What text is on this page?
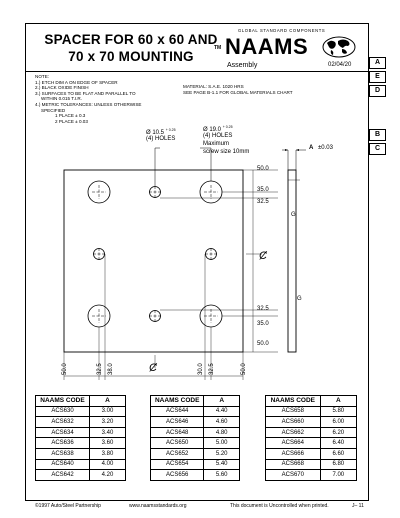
SPACER FOR 60 x 60 AND
70 x 70 MOUNTING
TM
GLOBAL STANDARD COMPONENTS
NAAMS
Assembly	02/04/20	A
E
D
B
C
NOTE:
1.) ETCH DIM A ON EDGE OF SPACER
2.) BLACK OXIDE FINISH
3.) SURFACES TO BE FLAT AND PARALLEL TO
WITHIN 0.015 T.I.R.
4.) METRIC TOLERANCES: UNLESS OTHERWISE
SPECIFIED
1 PLACE ± 0.3
2 PLACE ± 0.03
MATERIAL: S.A.E. 1020 HRS
SEE PAGE B-1.1 FOR GLOBAL MATERIALS CHART
Ø 10.5 $^{+ 0.25}$
(4) HOLES
Ø 19.0 $^{+ 0.25}$
(4) HOLES
Maximum
screw size 10mm
A ±0.03
50.0
35.0
32.5
32.5
35.0
50.0
G
G
Ȼ
Ȼ
50.0	32.5 38.0	30.0 32.5	50.0
NAAMS CODE	A
ACS630	3.00
ACS632	3.20
ACS634	3.40
ACS636	3.60
ACS638	3.80
ACS640	4.00
ACS642	4.20
NAAMS CODE	A
ACS644	4.40
ACS646	4.60
ACS648	4.80
ACS650	5.00
ACS652	5.20
ACS654	5.40
ACS656	5.60
NAAMS CODE	A
ACS658	5.80
ACS660	6.00
ACS662	6.20
ACS664	6.40
ACS666	6.60
ACS668	6.80
ACS670	7.00
©1997 Auto/Steel Partnership	www.naamsstandards.org	This document is Uncontrolled when printed.	J– 11
